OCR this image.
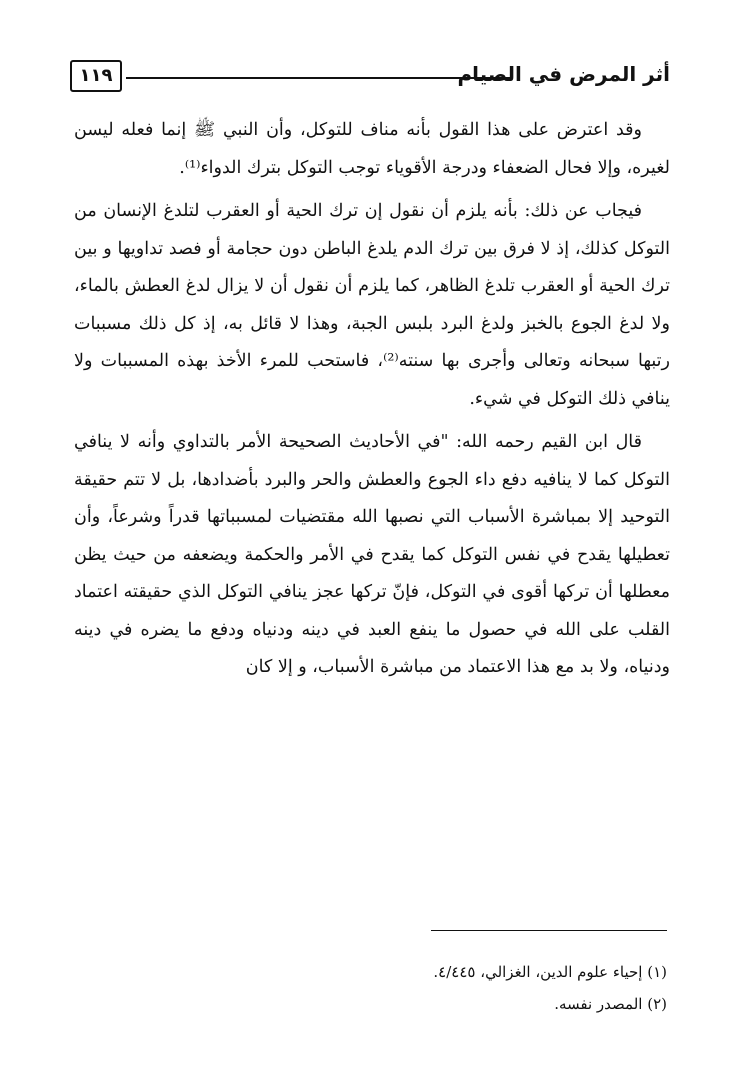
أثر المرض في الصيام
١١٩

وقد اعترض على هذا القول بأنه مناف للتوكل، وأن النبي ﷺ إنما فعله ليسن لغيره، وإلا فحال الضعفاء ودرجة الأقوياء توجب التوكل بترك الدواء⁽¹⁾.

فيجاب عن ذلك: بأنه يلزم أن نقول إن ترك الحية أو العقرب لتلدغ الإنسان من التوكل كذلك، إذ لا فرق بين ترك الدم يلدغ الباطن دون حجامة أو فصد تداويها و بين ترك الحية أو العقرب تلدغ الظاهر، كما يلزم أن نقول أن لا يزال لدغ العطش بالماء، ولا لدغ الجوع بالخبز ولدغ البرد بلبس الجبة، وهذا لا قائل به، إذ كل ذلك مسببات رتبها سبحانه وتعالى وأجرى بها سنته⁽²⁾، فاستحب للمرء الأخذ بهذه المسببات ولا ينافي ذلك التوكل في شيء.

قال ابن القيم رحمه الله: "في الأحاديث الصحيحة الأمر بالتداوي وأنه لا ينافي التوكل كما لا ينافيه دفع داء الجوع والعطش والحر والبرد بأضدادها، بل لا تتم حقيقة التوحيد إلا بمباشرة الأسباب التي نصبها الله مقتضيات لمسبباتها قدراً وشرعاً، وأن تعطيلها يقدح في نفس التوكل كما يقدح في الأمر والحكمة ويضعفه من حيث يظن معطلها أن تركها أقوى في التوكل، فإنّ تركها عجز ينافي التوكل الذي حقيقته اعتماد القلب على الله في حصول ما ينفع العبد في دينه ودنياه ودفع ما يضره في دينه ودنياه، ولا بد مع هذا الاعتماد من مباشرة الأسباب، و إلا كان

(١) إحياء علوم الدين، الغزالي، ٤/٤٤٥.
(٢) المصدر نفسه.
